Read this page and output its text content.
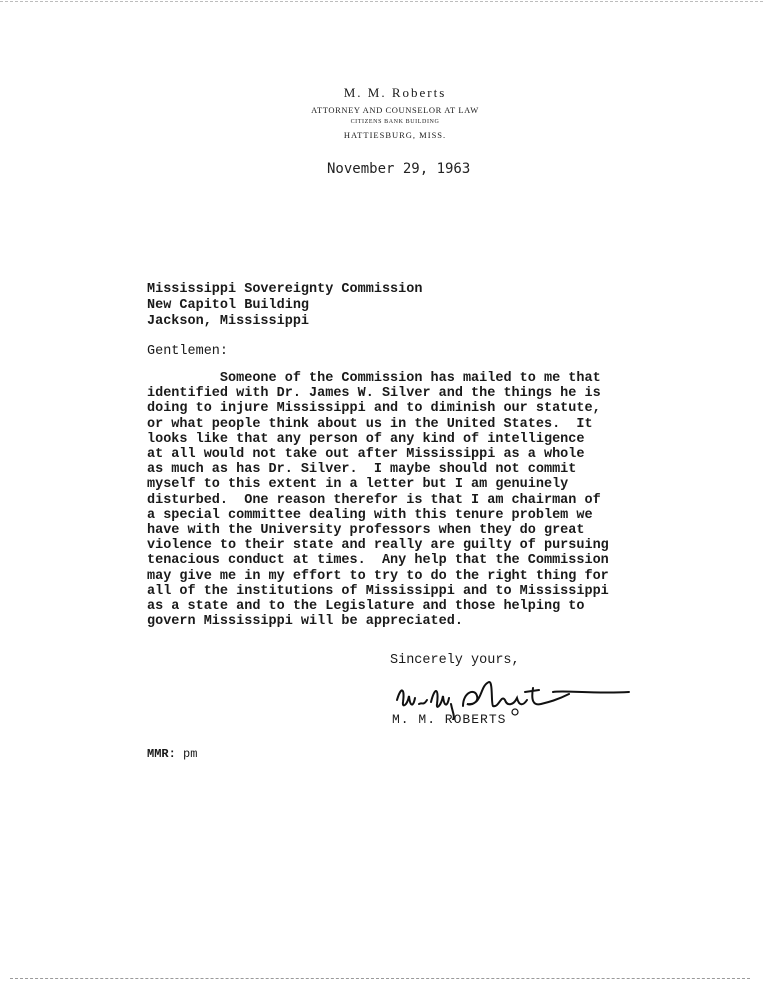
M. M. Roberts
ATTORNEY AND COUNSELOR AT LAW
CITIZENS BANK BUILDING
HATTIESBURG, MISS.
November 29, 1963
Mississippi Sovereignty Commission
New Capitol Building
Jackson, Mississippi
Gentlemen:
Someone of the Commission has mailed to me that
identified with Dr. James W. Silver and the things he is
doing to injure Mississippi and to diminish our statute,
or what people think about us in the United States.  It
looks like that any person of any kind of intelligence
at all would not take out after Mississippi as a whole
as much as has Dr. Silver.  I maybe should not commit
myself to this extent in a letter but I am genuinely
disturbed.  One reason therefor is that I am chairman of
a special committee dealing with this tenure problem we
have with the University professors when they do great
violence to their state and really are guilty of pursuing
tenacious conduct at times.  Any help that the Commission
may give me in my effort to try to do the right thing for
all of the institutions of Mississippi and to Mississippi
as a state and to the Legislature and those helping to
govern Mississippi will be appreciated.
Sincerely yours,
M. M. ROBERTS
MMR: pm
